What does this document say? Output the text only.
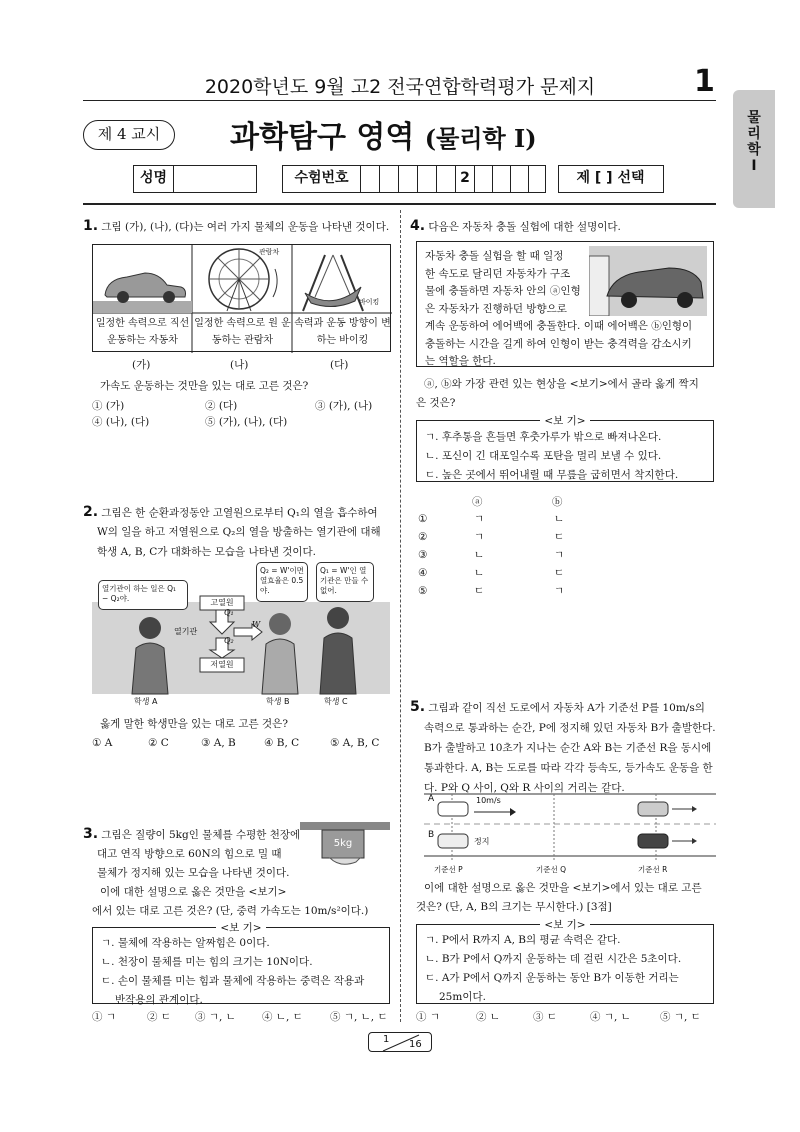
2020학년도 9월 고2 전국연합학력평가 문제지	1
물
리
학
Ⅰ
제 4 교시	과학탐구 영역 (물리학 Ⅰ)
성명	수험번호	2	제 [ ] 선택
1. 그림 (가), (나), (다)는 여러 가지 물체의 운동을 나타낸 것이다.
관람차
바이킹
일정한 속력으로 직선 운동하는 자동차
일정한 속력으로 원 운동하는 관람차
속력과 운동 방향이 변하는 바이킹
(가)	(나)	(다)
가속도 운동하는 것만을 있는 대로 고른 것은?
① (가)	② (다)	③ (가), (나)
④ (나), (다)	⑤ (가), (나), (다)
2. 그림은 한 순환과정동안 고열원으로부터 Q₁의 열을 흡수하여
W의 일을 하고 저열원으로 Q₂의 열을 방출하는 열기관에 대해
학생 A, B, C가 대화하는 모습을 나타낸 것이다.
열기관이 하는 일은 Q₁ − Q₂야.
Q₂ = W'이면 열효율은 0.5야.
Q₁ = W'인 열기관은 만들 수 없어.
고열원
저열원
열기관
Q₁
Q₂
W
학생 A	학생 B	학생 C
옳게 말한 학생만을 있는 대로 고른 것은?
① A	② C	③ A, B	④ B, C	⑤ A, B, C
3. 그림은 질량이 5kg인 물체를 수평한 천장에
대고 연직 방향으로 60N의 힘으로 밀 때
물체가 정지해 있는 모습을 나타낸 것이다.
이에 대한 설명으로 옳은 것만을 <보기>
에서 있는 대로 고른 것은? (단, 중력 가속도는 10m/s²이다.)
5kg
<보 기>
ㄱ. 물체에 작용하는 알짜힘은 0이다.
ㄴ. 천장이 물체를 미는 힘의 크기는 10N이다.
ㄷ. 손이 물체를 미는 힘과 물체에 작용하는 중력은 작용과
반작용의 관계이다.
① ㄱ	② ㄷ ③ ㄱ, ㄴ ④ ㄴ, ㄷ	⑤ ㄱ, ㄴ, ㄷ
4. 다음은 자동차 충돌 실험에 대한 설명이다.
자동차 충돌 실험을 할 때 일정
한 속도로 달리던 자동차가 구조
물에 충돌하면 자동차 안의 ⓐ인형
은 자동차가 진행하던 방향으로
계속 운동하여 에어백에 충돌한다. 이때 에어백은 ⓑ인형이
충돌하는 시간을 길게 하여 인형이 받는 충격력을 감소시키
는 역할을 한다.
ⓐ, ⓑ와 가장 관련 있는 현상을 <보기>에서 골라 옳게 짝지
은 것은?
<보 기>
ㄱ. 후추통을 흔들면 후춧가루가 밖으로 빠져나온다.
ㄴ. 포신이 긴 대포일수록 포탄을 멀리 보낼 수 있다.
ㄷ. 높은 곳에서 뛰어내릴 때 무릎을 굽히면서 착지한다.
ⓐ	ⓑ
①	ㄱ	ㄴ
②	ㄱ	ㄷ
③	ㄴ	ㄱ
④	ㄴ	ㄷ
⑤	ㄷ	ㄱ
5. 그림과 같이 직선 도로에서 자동차 A가 기준선 P를 10m/s의
속력으로 통과하는 순간, P에 정지해 있던 자동차 B가 출발한다.
B가 출발하고 10초가 지나는 순간 A와 B는 기준선 R을 동시에
통과한다. A, B는 도로를 따라 각각 등속도, 등가속도 운동을 한
다. P와 Q 사이, Q와 R 사이의 거리는 같다.
A
B
10m/s
정지
기준선 P	기준선 Q	기준선 R
이에 대한 설명으로 옳은 것만을 <보기>에서 있는 대로 고른
것은? (단, A, B의 크기는 무시한다.) [3점]
<보 기>
ㄱ. P에서 R까지 A, B의 평균 속력은 같다.
ㄴ. B가 P에서 Q까지 운동하는 데 걸린 시간은 5초이다.
ㄷ. A가 P에서 Q까지 운동하는 동안 B가 이동한 거리는
25m이다.
① ㄱ	② ㄴ	③ ㄷ	④ ㄱ, ㄴ	⑤ ㄱ, ㄷ
1 16
